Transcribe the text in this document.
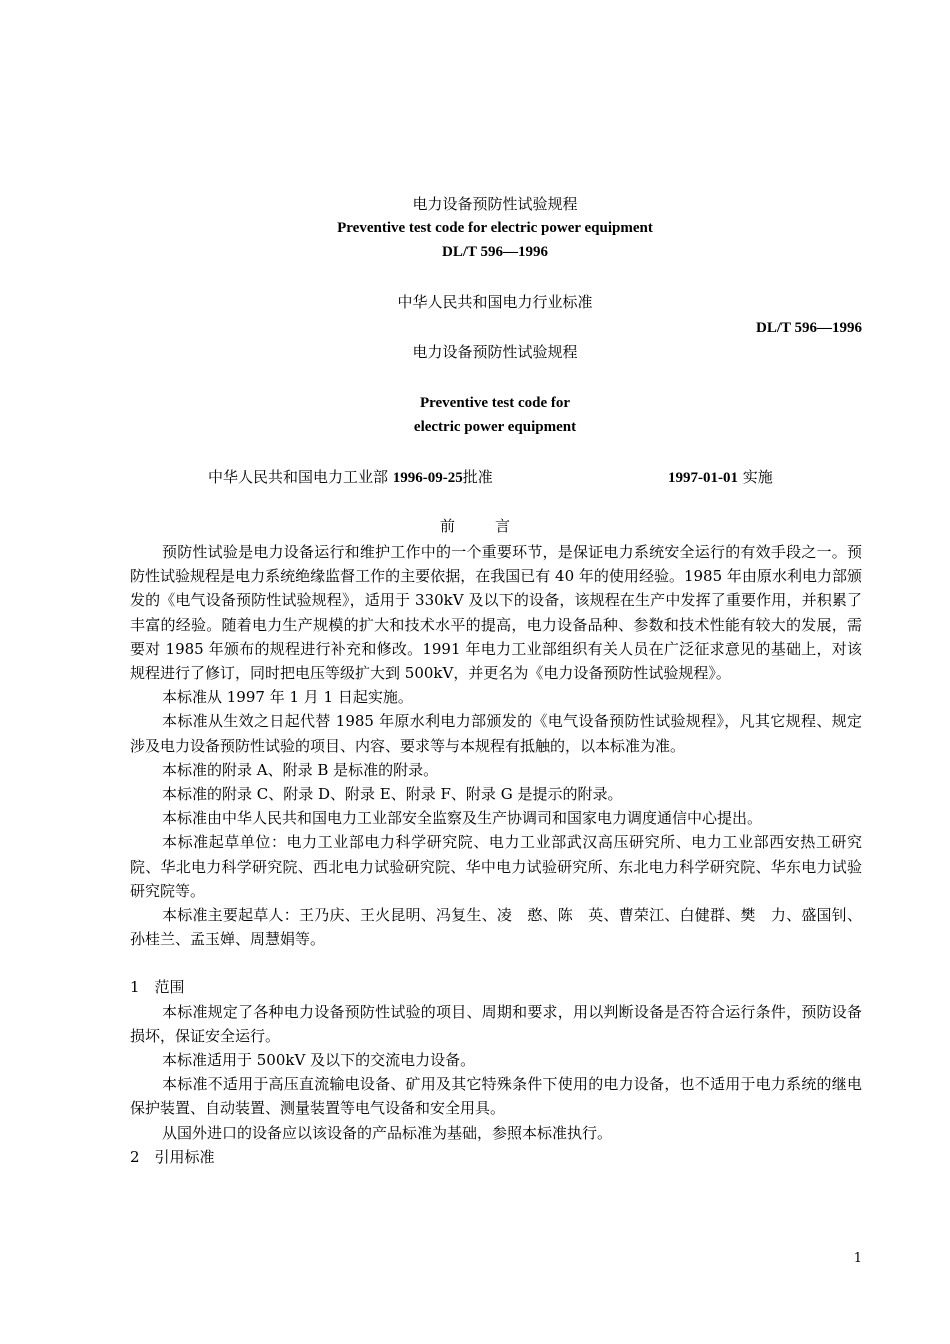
电力设备预防性试验规程
Preventive test code for electric power equipment
DL/T 596—1996
中华人民共和国电力行业标准
DL/T 596—1996
电力设备预防性试验规程
Preventive test code for
electric power equipment
中华人民共和国电力工业部 1996-09-25批准	1997-01-01 实施
前言

预防性试验是电力设备运行和维护工作中的一个重要环节，是保证电力系统安全运行的有效手段之一。预防性试验规程是电力系统绝缘监督工作的主要依据，在我国已有 40 年的使用经验。1985 年由原水利电力部颁发的《电气设备预防性试验规程》，适用于 330kV 及以下的设备，该规程在生产中发挥了重要作用，并积累了丰富的经验。随着电力生产规模的扩大和技术水平的提高，电力设备品种、参数和技术性能有较大的发展，需要对 1985 年颁布的规程进行补充和修改。1991 年电力工业部组织有关人员在广泛征求意见的基础上，对该规程进行了修订，同时把电压等级扩大到 500kV，并更名为《电力设备预防性试验规程》。

本标准从 1997 年 1 月 1 日起实施。

本标准从生效之日起代替 1985 年原水利电力部颁发的《电气设备预防性试验规程》，凡其它规程、规定涉及电力设备预防性试验的项目、内容、要求等与本规程有抵触的，以本标准为准。

本标准的附录 A、附录 B 是标准的附录。

本标准的附录 C、附录 D、附录 E、附录 F、附录 G 是提示的附录。

本标准由中华人民共和国电力工业部安全监察及生产协调司和国家电力调度通信中心提出。

本标准起草单位：电力工业部电力科学研究院、电力工业部武汉高压研究所、电力工业部西安热工研究院、华北电力科学研究院、西北电力试验研究院、华中电力试验研究所、东北电力科学研究院、华东电力试验研究院等。

本标准主要起草人：王乃庆、王火昆明、冯复生、凌　憨、陈　英、曹荣江、白健群、樊　力、盛国钊、孙桂兰、孟玉婵、周慧娟等。

1　范围

本标准规定了各种电力设备预防性试验的项目、周期和要求，用以判断设备是否符合运行条件，预防设备损坏，保证安全运行。

本标准适用于 500kV 及以下的交流电力设备。

本标准不适用于高压直流输电设备、矿用及其它特殊条件下使用的电力设备，也不适用于电力系统的继电保护装置、自动装置、测量装置等电气设备和安全用具。

从国外进口的设备应以该设备的产品标准为基础，参照本标准执行。

2　引用标准

1
